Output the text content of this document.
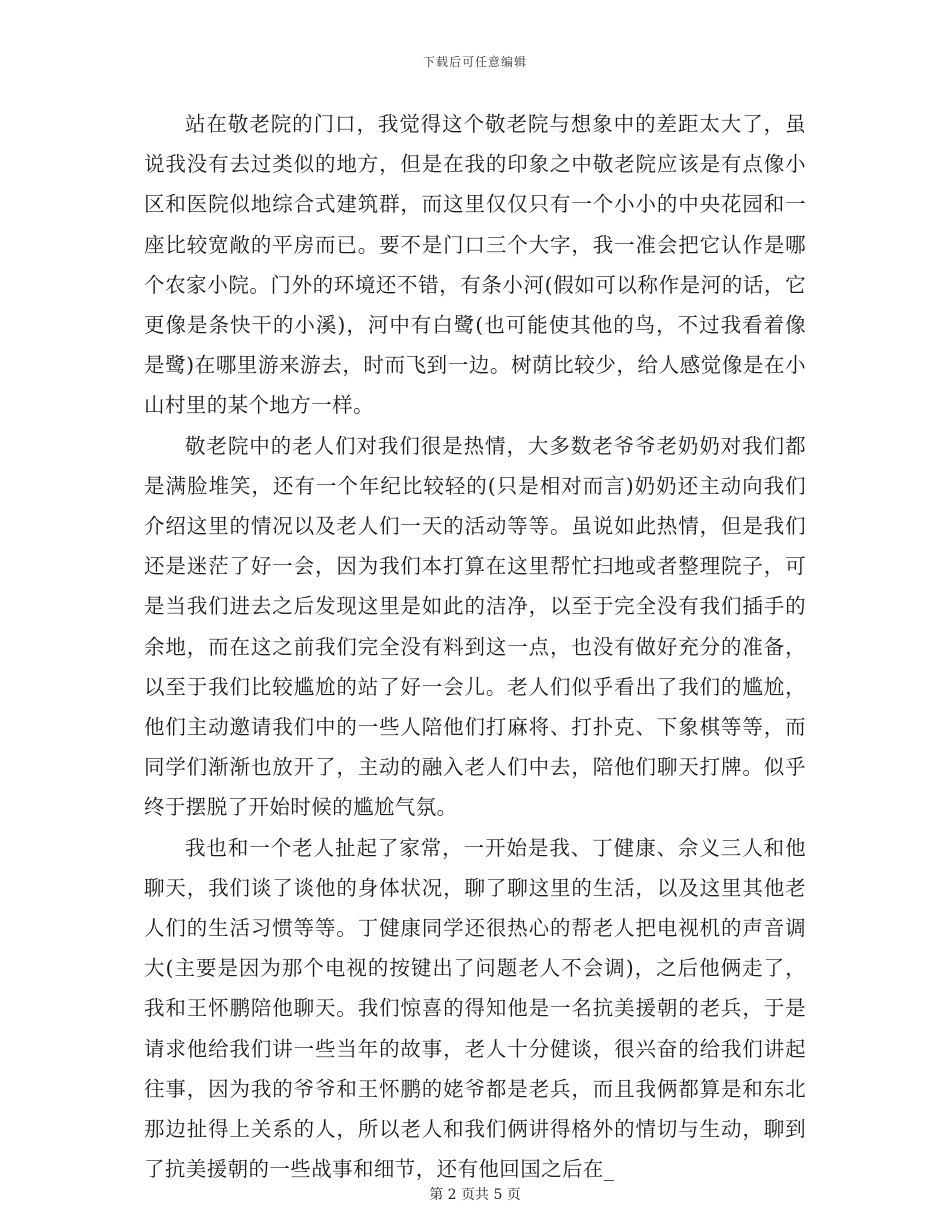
下载后可任意编辑

站在敬老院的门口，我觉得这个敬老院与想象中的差距太大了，虽说我没有去过类似的地方，但是在我的印象之中敬老院应该是有点像小区和医院似地综合式建筑群，而这里仅仅只有一个小小的中央花园和一座比较宽敞的平房而已。要不是门口三个大字，我一准会把它认作是哪个农家小院。门外的环境还不错，有条小河(假如可以称作是河的话，它更像是条快干的小溪)，河中有白鹭(也可能使其他的鸟，不过我看着像是鹭)在哪里游来游去，时而飞到一边。树荫比较少，给人感觉像是在小山村里的某个地方一样。

敬老院中的老人们对我们很是热情，大多数老爷爷老奶奶对我们都是满脸堆笑，还有一个年纪比较轻的(只是相对而言)奶奶还主动向我们介绍这里的情况以及老人们一天的活动等等。虽说如此热情，但是我们还是迷茫了好一会，因为我们本打算在这里帮忙扫地或者整理院子，可是当我们进去之后发现这里是如此的洁净，以至于完全没有我们插手的余地，而在这之前我们完全没有料到这一点，也没有做好充分的准备，以至于我们比较尴尬的站了好一会儿。老人们似乎看出了我们的尴尬，他们主动邀请我们中的一些人陪他们打麻将、打扑克、下象棋等等，而同学们渐渐也放开了，主动的融入老人们中去，陪他们聊天打牌。似乎终于摆脱了开始时候的尴尬气氛。

我也和一个老人扯起了家常，一开始是我、丁健康、佘义三人和他聊天，我们谈了谈他的身体状况，聊了聊这里的生活，以及这里其他老人们的生活习惯等等。丁健康同学还很热心的帮老人把电视机的声音调大(主要是因为那个电视的按键出了问题老人不会调)，之后他俩走了，我和王怀鹏陪他聊天。我们惊喜的得知他是一名抗美援朝的老兵，于是请求他给我们讲一些当年的故事，老人十分健谈，很兴奋的给我们讲起往事，因为我的爷爷和王怀鹏的姥爷都是老兵，而且我俩都算是和东北那边扯得上关系的人，所以老人和我们俩讲得格外的情切与生动，聊到了抗美援朝的一些战事和细节，还有他回国之后在_

第 2 页共 5 页
